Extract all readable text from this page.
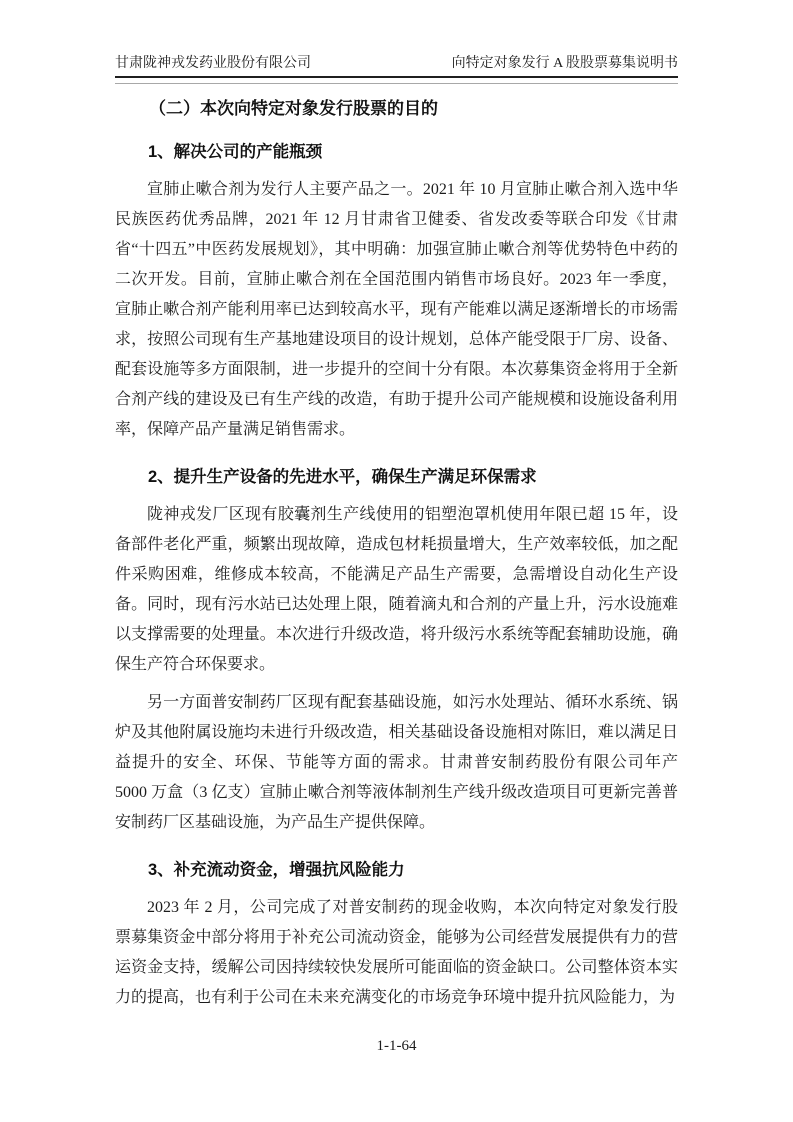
甘肃陇神戎发药业股份有限公司	向特定对象发行 A 股股票募集说明书
（二）本次向特定对象发行股票的目的
1、解决公司的产能瓶颈

宣肺止嗽合剂为发行人主要产品之一。2021 年 10 月宣肺止嗽合剂入选中华民族医药优秀品牌，2021 年 12 月甘肃省卫健委、省发改委等联合印发《甘肃省“十四五”中医药发展规划》，其中明确：加强宣肺止嗽合剂等优势特色中药的二次开发。目前，宣肺止嗽合剂在全国范围内销售市场良好。2023 年一季度，宣肺止嗽合剂产能利用率已达到较高水平，现有产能难以满足逐渐增长的市场需求，按照公司现有生产基地建设项目的设计规划，总体产能受限于厂房、设备、配套设施等多方面限制，进一步提升的空间十分有限。本次募集资金将用于全新合剂产线的建设及已有生产线的改造，有助于提升公司产能规模和设施设备利用率，保障产品产量满足销售需求。

2、提升生产设备的先进水平，确保生产满足环保需求

陇神戎发厂区现有胶囊剂生产线使用的铝塑泡罩机使用年限已超 15 年，设备部件老化严重，频繁出现故障，造成包材耗损量增大，生产效率较低，加之配件采购困难，维修成本较高，不能满足产品生产需要，急需增设自动化生产设备。同时，现有污水站已达处理上限，随着滴丸和合剂的产量上升，污水设施难以支撑需要的处理量。本次进行升级改造，将升级污水系统等配套辅助设施，确保生产符合环保要求。

另一方面普安制药厂区现有配套基础设施，如污水处理站、循环水系统、锅炉及其他附属设施均未进行升级改造，相关基础设备设施相对陈旧，难以满足日益提升的安全、环保、节能等方面的需求。甘肃普安制药股份有限公司年产 5000 万盒（3 亿支）宣肺止嗽合剂等液体制剂生产线升级改造项目可更新完善普安制药厂区基础设施，为产品生产提供保障。

3、补充流动资金，增强抗风险能力

2023 年 2 月，公司完成了对普安制药的现金收购，本次向特定对象发行股票募集资金中部分将用于补充公司流动资金，能够为公司经营发展提供有力的营运资金支持，缓解公司因持续较快发展所可能面临的资金缺口。公司整体资本实力的提高，也有利于公司在未来充满变化的市场竞争环境中提升抗风险能力，为

1-1-64
